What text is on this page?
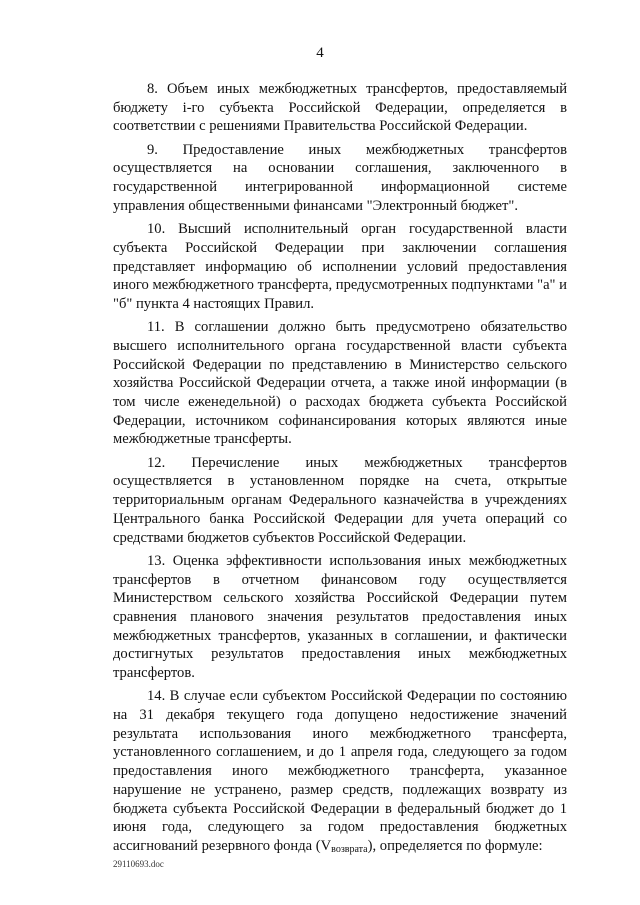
4

8. Объем иных межбюджетных трансфертов, предоставляемый бюджету i-го субъекта Российской Федерации, определяется в соответствии с решениями Правительства Российской Федерации.

9. Предоставление иных межбюджетных трансфертов осуществляется на основании соглашения, заключенного в государственной интегрированной информационной системе управления общественными финансами "Электронный бюджет".

10. Высший исполнительный орган государственной власти субъекта Российской Федерации при заключении соглашения представляет информацию об исполнении условий предоставления иного межбюджетного трансферта, предусмотренных подпунктами "а" и "б" пункта 4 настоящих Правил.

11. В соглашении должно быть предусмотрено обязательство высшего исполнительного органа государственной власти субъекта Российской Федерации по представлению в Министерство сельского хозяйства Российской Федерации отчета, а также иной информации (в том числе еженедельной) о расходах бюджета субъекта Российской Федерации, источником софинансирования которых являются иные межбюджетные трансферты.

12. Перечисление иных межбюджетных трансфертов осуществляется в установленном порядке на счета, открытые территориальным органам Федерального казначейства в учреждениях Центрального банка Российской Федерации для учета операций со средствами бюджетов субъектов Российской Федерации.

13. Оценка эффективности использования иных межбюджетных трансфертов в отчетном финансовом году осуществляется Министерством сельского хозяйства Российской Федерации путем сравнения планового значения результатов предоставления иных межбюджетных трансфертов, указанных в соглашении, и фактически достигнутых результатов предоставления иных межбюджетных трансфертов.

14. В случае если субъектом Российской Федерации по состоянию на 31 декабря текущего года допущено недостижение значений результата использования иного межбюджетного трансферта, установленного соглашением, и до 1 апреля года, следующего за годом предоставления иного межбюджетного трансферта, указанное нарушение не устранено, размер средств, подлежащих возврату из бюджета субъекта Российской Федерации в федеральный бюджет до 1 июня года, следующего за годом предоставления бюджетных ассигнований резервного фонда $(V_{возврата})$, определяется по формуле:

29110693.doc
